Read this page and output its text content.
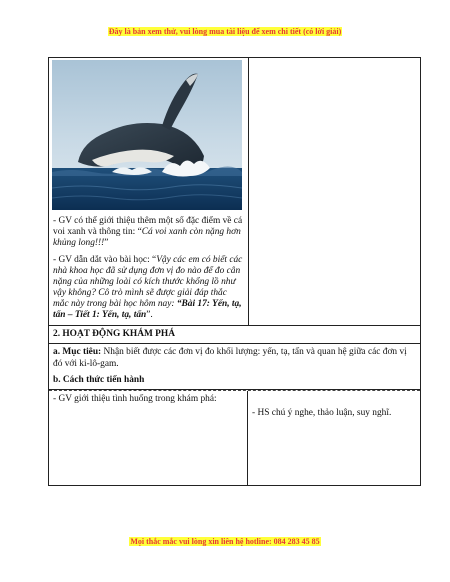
Đây là bản xem thử, vui lòng mua tài liệu để xem chi tiết (có lời giải)

- GV có thể giới thiệu thêm một số đặc điểm về cá voi xanh và thông tin: “Cá voi xanh còn nặng hơn khủng long!!!”

- GV dẫn dắt vào bài học: “Vậy các em có biết các nhà khoa học đã sử dụng đơn vị đo nào để đo cân nặng của những loài có kích thước khổng lồ như vậy không? Cô trò mình sẽ được giải đáp thắc mắc này trong bài học hôm nay: “Bài 17: Yến, tạ, tấn – Tiết 1: Yến, tạ, tấn”.

2. HOẠT ĐỘNG KHÁM PHÁ
a. Mục tiêu: Nhận biết được các đơn vị đo khối lượng: yến, tạ, tấn và quan hệ giữa các đơn vị đó với ki-lô-gam.
b. Cách thức tiến hành
- GV giới thiệu tình huống trong khám phá:
- HS chú ý nghe, thảo luận, suy nghĩ.
Mọi thắc mắc vui lòng xin liên hệ hotline: 084 283 45 85
